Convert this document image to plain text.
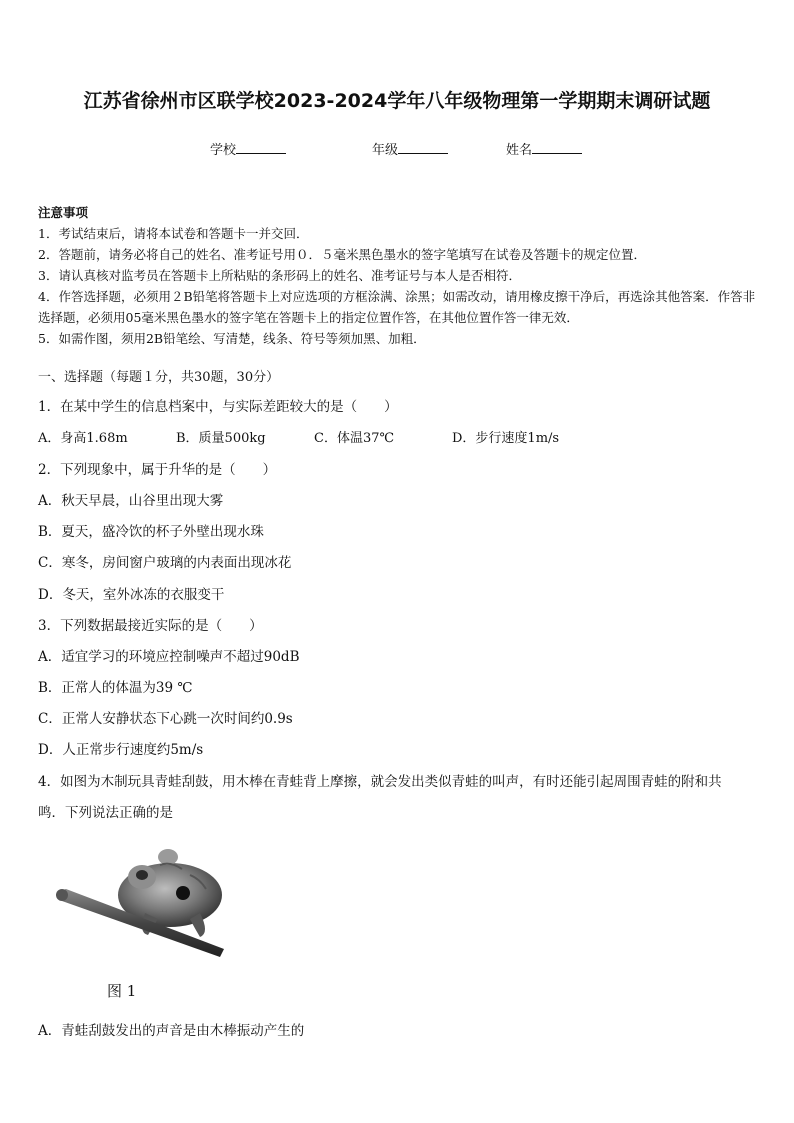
江苏省徐州市区联学校2023-2024学年八年级物理第一学期期末调研试题
学校	年级	姓名
注意事项
1．考试结束后，请将本试卷和答题卡一并交回．
2．答题前，请务必将自己的姓名、准考证号用０．５毫米黑色墨水的签字笔填写在试卷及答题卡的规定位置．
3．请认真核对监考员在答题卡上所粘贴的条形码上的姓名、准考证号与本人是否相符．
4．作答选择题，必须用２B铅笔将答题卡上对应选项的方框涂满、涂黑；如需改动，请用橡皮擦干净后，再选涂其他答案．作答非选择题，必须用05毫米黑色墨水的签字笔在答题卡上的指定位置作答，在其他位置作答一律无效．
5．如需作图，须用2B铅笔绘、写清楚，线条、符号等须加黑、加粗．
一、选择题（每题１分，共30题，30分）
1．在某中学生的信息档案中，与实际差距较大的是（　　）
A．身高1.68m	B．质量500kg	C．体温37℃	D．步行速度1m/s
2．下列现象中，属于升华的是（　　）
A．秋天早晨，山谷里出现大雾
B．夏天，盛冷饮的杯子外壁出现水珠
C．寒冬，房间窗户玻璃的内表面出现冰花
D．冬天，室外冰冻的衣服变干
3．下列数据最接近实际的是（　　）
A．适宜学习的环境应控制噪声不超过90dB
B．正常人的体温为39 ℃
C．正常人安静状态下心跳一次时间约0.9s
D．人正常步行速度约5m/s
4．如图为木制玩具青蛙刮鼓，用木棒在青蛙背上摩擦，就会发出类似青蛙的叫声，有时还能引起周围青蛙的附和共
鸣．下列说法正确的是
图 1
A．青蛙刮鼓发出的声音是由木棒振动产生的
